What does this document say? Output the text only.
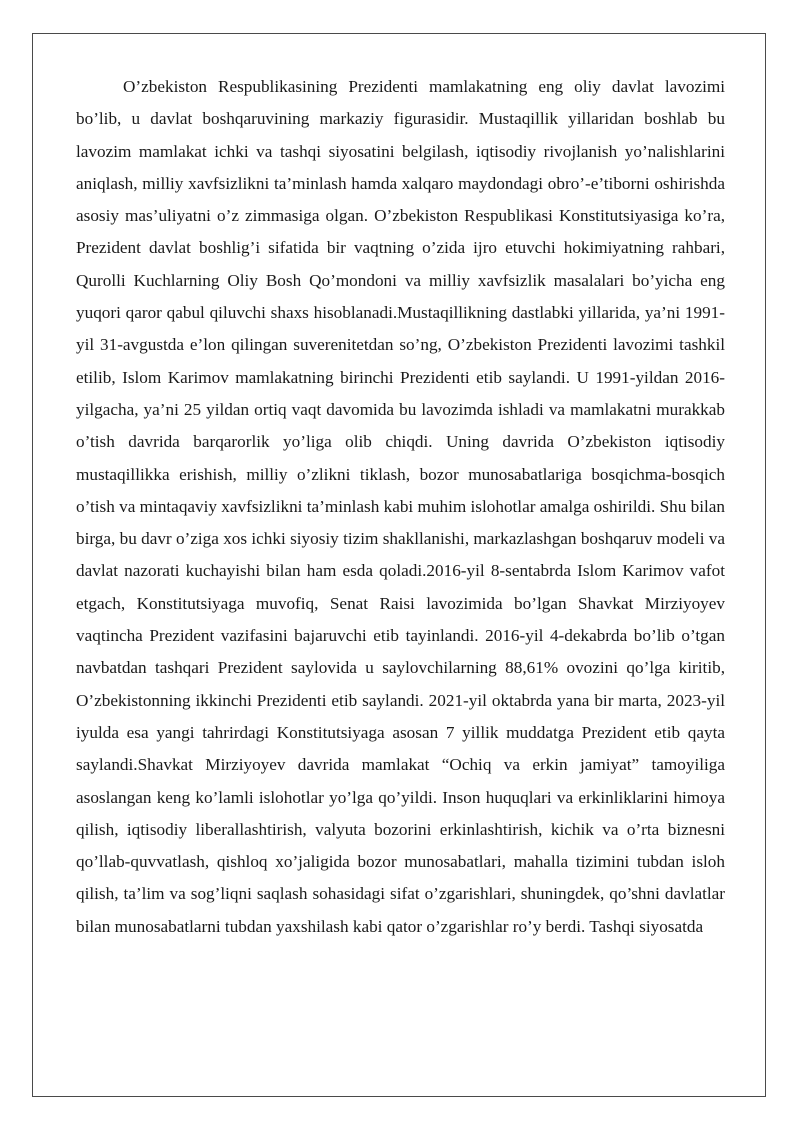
O’zbekiston Respublikasining Prezidenti mamlakatning eng oliy davlat lavozimi bo’lib, u davlat boshqaruvining markaziy figurasidir. Mustaqillik yillaridan boshlab bu lavozim mamlakat ichki va tashqi siyosatini belgilash, iqtisodiy rivojlanish yo’nalishlarini aniqlash, milliy xavfsizlikni ta’minlash hamda xalqaro maydondagi obro’-e’tiborni oshirishda asosiy mas’uliyatni o’z zimmasiga olgan. O’zbekiston Respublikasi Konstitutsiyasiga ko’ra, Prezident davlat boshlig’i sifatida bir vaqtning o’zida ijro etuvchi hokimiyatning rahbari, Qurolli Kuchlarning Oliy Bosh Qo’mondoni va milliy xavfsizlik masalalari bo’yicha eng yuqori qaror qabul qiluvchi shaxs hisoblanadi.Mustaqillikning dastlabki yillarida, ya’ni 1991-yil 31-avgustda e’lon qilingan suverenitetdan so’ng, O’zbekiston Prezidenti lavozimi tashkil etilib, Islom Karimov mamlakatning birinchi Prezidenti etib saylandi. U 1991-yildan 2016-yilgacha, ya’ni 25 yildan ortiq vaqt davomida bu lavozimda ishladi va mamlakatni murakkab o’tish davrida barqarorlik yo’liga olib chiqdi. Uning davrida O’zbekiston iqtisodiy mustaqillikka erishish, milliy o’zlikni tiklash, bozor munosabatlariga bosqichma-bosqich o’tish va mintaqaviy xavfsizlikni ta’minlash kabi muhim islohotlar amalga oshirildi. Shu bilan birga, bu davr o’ziga xos ichki siyosiy tizim shakllanishi, markazlashgan boshqaruv modeli va davlat nazorati kuchayishi bilan ham esda qoladi.2016-yil 8-sentabrda Islom Karimov vafot etgach, Konstitutsiyaga muvofiq, Senat Raisi lavozimida bo’lgan Shavkat Mirziyoyev vaqtincha Prezident vazifasini bajaruvchi etib tayinlandi. 2016-yil 4-dekabrda bo’lib o’tgan navbatdan tashqari Prezident saylovida u saylovchilarning 88,61% ovozini qo’lga kiritib, O’zbekistonning ikkinchi Prezidenti etib saylandi. 2021-yil oktabrda yana bir marta, 2023-yil iyulda esa yangi tahrirdagi Konstitutsiyaga asosan 7 yillik muddatga Prezident etib qayta saylandi.Shavkat Mirziyoyev davrida mamlakat “Ochiq va erkin jamiyat” tamoyiliga asoslangan keng ko’lamli islohotlar yo’lga qo’yildi. Inson huquqlari va erkinliklarini himoya qilish, iqtisodiy liberallashtirish, valyuta bozorini erkinlashtirish, kichik va o’rta biznesni qo’llab-quvvatlash, qishloq xo’jaligida bozor munosabatlari, mahalla tizimini tubdan isloh qilish, ta’lim va sog’liqni saqlash sohasidagi sifat o’zgarishlari, shuningdek, qo’shni davlatlar bilan munosabatlarni tubdan yaxshilash kabi qator o’zgarishlar ro’y berdi. Tashqi siyosatda
